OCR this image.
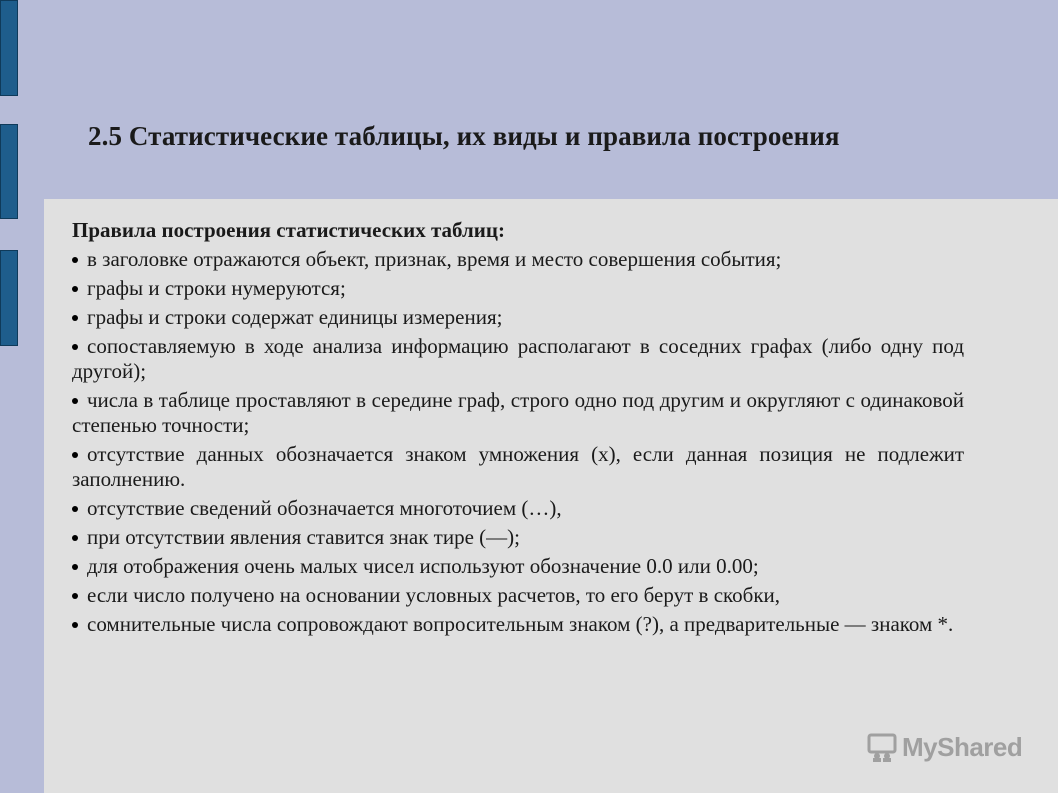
2.5 Статистические таблицы, их виды и правила построения
Правила построения статистических таблиц:
в заголовке отражаются объект, признак, время и место совершения события;
графы и строки нумеруются;
графы и строки содержат единицы измерения;
сопоставляемую в ходе анализа информацию располагают в соседних графах (либо одну под другой);
числа в таблице проставляют в середине граф, строго одно под другим и округляют с одинаковой степенью точности;
отсутствие данных обозначается знаком умножения (х), если данная позиция не подлежит заполнению.
отсутствие сведений обозначается многоточием (…),
при отсутствии явления ставится знак тире (—);
для отображения очень малых чисел используют обозначение 0.0 или 0.00;
если число получено на основании условных расчетов, то его берут в скобки,
сомнительные числа сопровождают вопросительным знаком (?), а предварительные — знаком *.
MyShared
